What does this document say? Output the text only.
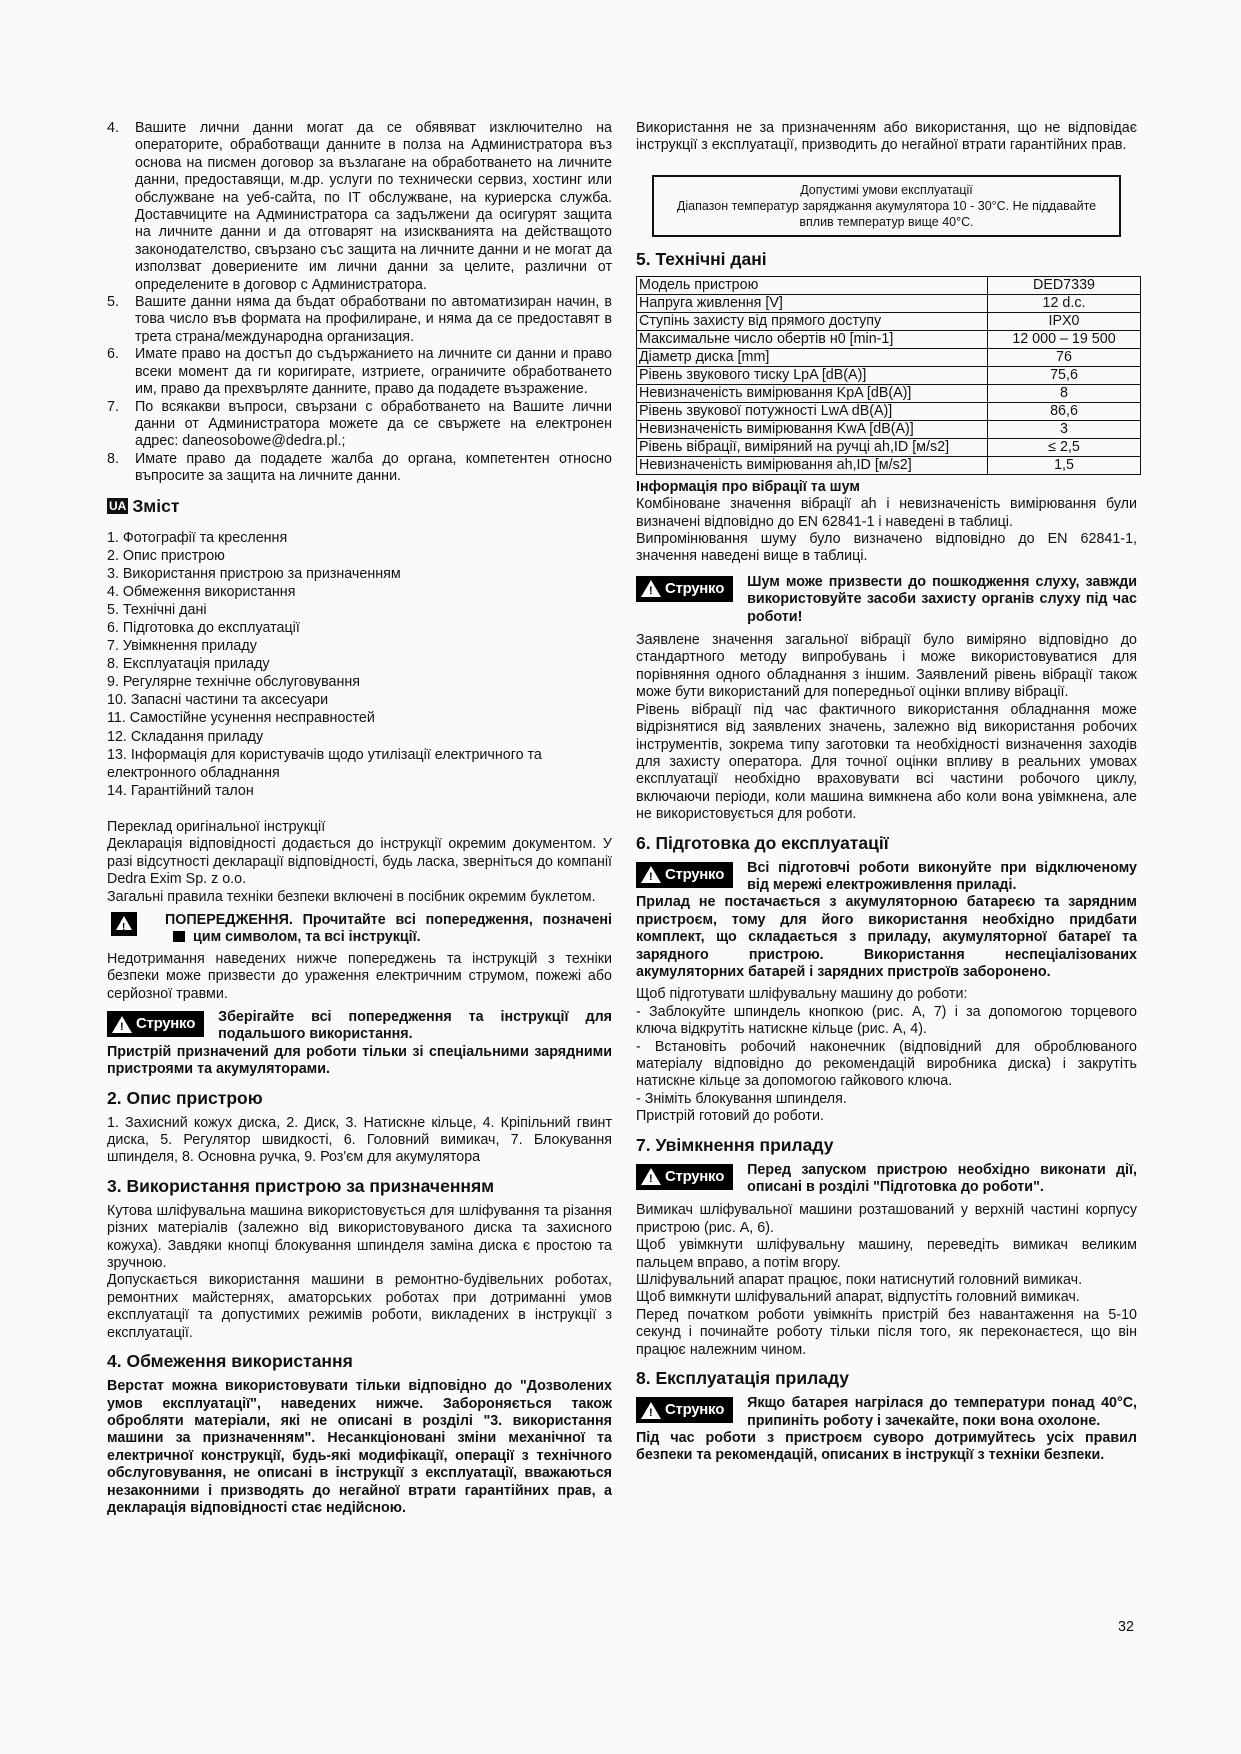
4.	Вашите лични данни могат да се обявяват изключително на операторите, обработващи данните в полза на Администратора въз основа на писмен договор за възлагане на обработването на личните данни, предоставящи, м.др. услуги по технически сервиз, хостинг или обслужване на уеб-сайта, по IT обслужване, на куриерска служба. Доставчиците на Администратора са задължени да осигурят защита на личните данни и да отговарят на изискванията на действащото законодателство, свързано със защита на личните данни и не могат да използват довериените им лични данни за целите, различни от определените в договор с Администратора.
5.	Вашите данни няма да бъдат обработвани по автоматизиран начин, в това число във формата на профилиране, и няма да се предоставят в трета страна/международна организация.
6.	Имате право на достъп до съдържанието на личните си данни и право всеки момент да ги коригирате, изтриете, ограничите обработването им, право да прехвърляте данните, право да подадете възражение.
7.	По всякакви въпроси, свързани с обработването на Вашите лични данни от Администратора можете да се свържете на електронен адрес: daneosobowe@dedra.pl.;
8.	Имате право да подадете жалба до органа, компетентен относно въпросите за защита на личните данни.
UA Зміст
1. Фотографії та креслення
2. Опис пристрою
3. Використання пристрою за призначенням
4. Обмеження використання
5. Технічні дані
6. Підготовка до експлуатації
7. Увімкнення приладу
8. Експлуатація приладу
9. Регулярне технічне обслуговування
10. Запасні частини та аксесуари
11. Самостійне усунення несправностей
12. Складання приладу
13. Інформація для користувачів щодо утилізації електричного та електронного обладнання
14. Гарантійний талон

Переклад оригінальної інструкції

Декларація відповідності додається до інструкції окремим документом. У разі відсутності декларації відповідності, будь ласка, зверніться до компанії Dedra Exim Sp. z o.o.

Загальні правила техніки безпеки включені в посібник окремим буклетом.

!	ПОПЕРЕДЖЕННЯ. Прочитайте всі попередження, позначеніцим символом, та всі інструкції.

Недотримання наведених нижче попереджень та інструкцій з техніки безпеки може призвести до ураження електричним струмом, пожежі або серйозної травми.

! Стрункo Зберігайте всі попередження та інструкції для подальшого використання.

Пристрій призначений для роботи тільки зі спеціальними зарядними пристроями та акумуляторами.

2. Опис пристрою

1. Захисний кожух диска, 2. Диск, 3. Натискне кільце, 4. Кріпільний гвинт диска, 5. Регулятор швидкості, 6. Головний вимикач, 7. Блокування шпинделя, 8. Основна ручка, 9. Роз'єм для акумулятора

3. Використання пристрою за призначенням

Кутова шліфувальна машина використовується для шліфування та різання різних матеріалів (залежно від використовуваного диска та захисного кожуха). Завдяки кнопці блокування шпинделя заміна диска є простою та зручною.

Допускається використання машини в ремонтно-будівельних роботах, ремонтних майстернях, аматорських роботах при дотриманні умов експлуатації та допустимих режимів роботи, викладених в інструкції з експлуатації.

4. Обмеження використання

Верстат можна використовувати тільки відповідно до "Дозволених умов експлуатації", наведених нижче. Забороняється також обробляти матеріали, які не описані в розділі "3. використання машини за призначенням". Несанкціоновані зміни механічної та електричної конструкції, будь-які модифікації, операції з технічного обслуговування, не описані в інструкції з експлуатації, вважаються незаконними і призводять до негайної втрати гарантійних прав, а декларація відповідності стає недійсною.

Використання не за призначенням або використання, що не відповідає інструкції з експлуатації, призводить до негайної втрати гарантійних прав.

Допустимі умови експлуатації
Діапазон температур заряджання акумулятора 10 - 30°C. Не піддавайте вплив температур вище 40°C.
5. Технічні дані
Модель пристрою	DED7339
Напруга живлення [V]	12 d.c.
Ступінь захисту від прямого доступу	IPX0
Максимальне число обертів н0 [min-1]	12 000 – 19 500
Діаметр диска [mm]	76
Рівень звукового тиску LpA [dB(A)]	75,6
Невизначеність вимірювання KpA [dB(A)]	8
Рівень звукової потужності LwA dB(A)]	86,6
Невизначеність вимірювання KwA [dB(A)]	3
Рівень вібрації, виміряний на ручці ah,ID [м/s2]	≤ 2,5
Невизначеність вимірювання ah,ID [м/s2]	1,5

Інформація про вібрації та шум

Комбіноване значення вібрації ah і невизначеність вимірювання були визначені відповідно до EN 62841-1 і наведені в таблиці.

Випромінювання шуму було визначено відповідно до EN 62841-1, значення наведені вище в таблиці.

! Стрункo Шум може призвести до пошкодження слуху, завжди використовуйте засоби захисту органів слуху під час роботи!

Заявлене значення загальної вібрації було виміряно відповідно до стандартного методу випробувань і може використовуватися для порівняння одного обладнання з іншим. Заявлений рівень вібрації також може бути використаний для попередньої оцінки впливу вібрації.

Рівень вібрації під час фактичного використання обладнання може відрізнятися від заявлених значень, залежно від використання робочих інструментів, зокрема типу заготовки та необхідності визначення заходів для захисту оператора. Для точної оцінки впливу в реальних умовах експлуатації необхідно враховувати всі частини робочого циклу, включаючи періоди, коли машина вимкнена або коли вона увімкнена, але не використовується для роботи.

6. Підготовка до експлуатації
! Стрункo Всі підготовчі роботи виконуйте при відключеному від мережі електроживлення приладі.

Прилад не постачається з акумуляторною батареєю та зарядним пристроєм, тому для його використання необхідно придбати комплект, що складається з приладу, акумуляторної батареї та зарядного пристрою. Використання неспеціалізованих акумуляторних батарей і зарядних пристроїв заборонено.

Щоб підготувати шліфувальну машину до роботи:

- Заблокуйте шпиндель кнопкою (рис. A, 7) і за допомогою торцевого ключа відкрутіть натискне кільце (рис. A, 4).

- Встановіть робочий наконечник (відповідний для оброблюваного матеріалу відповідно до рекомендацій виробника диска) і закрутіть натискне кільце за допомогою гайкового ключа.

- Зніміть блокування шпинделя.

Пристрій готовий до роботи.

7. Увімкнення приладу
! Стрункo Перед запуском пристрою необхідно виконати дії, описані в розділі "Підготовка до роботи".

Вимикач шліфувальної машини розташований у верхній частині корпусу пристрою (рис. A, 6).

Щоб увімкнути шліфувальну машину, переведіть вимикач великим пальцем вправо, а потім вгору.

Шліфувальний апарат працює, поки натиснутий головний вимикач.

Щоб вимкнути шліфувальний апарат, відпустіть головний вимикач.

Перед початком роботи увімкніть пристрій без навантаження на 5-10 секунд і починайте роботу тільки після того, як переконаєтеся, що він працює належним чином.

8. Експлуатація приладу
! Стрункo Якщо батарея нагрілася до температури понад 40°C, припиніть роботу і зачекайте, поки вона охолоне.

Під час роботи з пристроєм суворо дотримуйтесь усіх правил безпеки та рекомендацій, описаних в інструкції з техніки безпеки.

32
